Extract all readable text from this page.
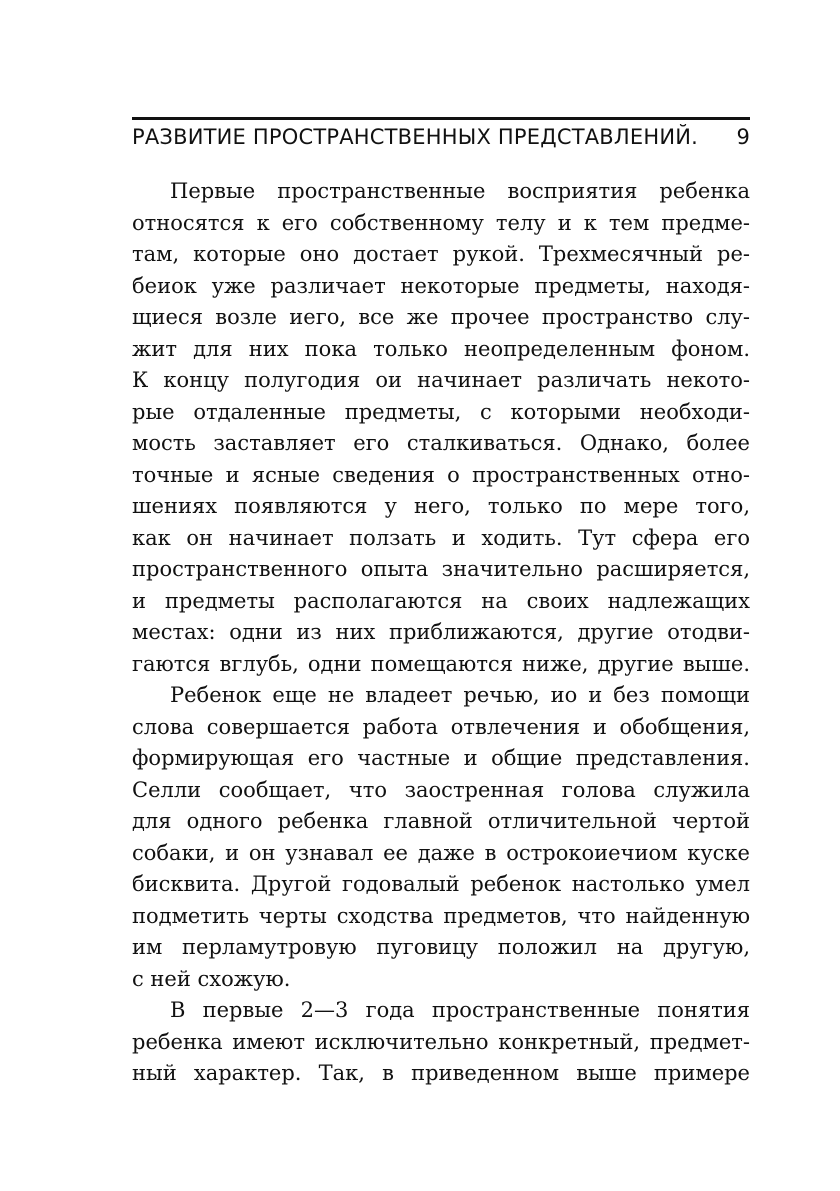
РАЗВИТИЕ ПРОСТРАНСТВЕННЫХ ПРЕДСТАВЛЕНИЙ. 9
Первые пространственные восприятия ребенка
относятся к его собственному телу и к тем предме-
там, которые оно достает рукой. Трехмесячный ре-
беиок уже различает некоторые предметы, находя-
щиеся возле иего, все же прочее пространство слу-
жит для них пока только неопределенным фоном.
К концу полугодия ои начинает различать некото-
рые отдаленные предметы, с которыми необходи-
мость заставляет его сталкиваться. Однако, более
точные и ясные сведения о пространственных отно-
шениях появляются у него, только по мере того,
как он начинает ползать и ходить. Тут сфера его
пространственного опыта значительно расширяется,
и предметы располагаются на своих надлежащих
местах: одни из них приближаются, другие отодви-
гаются вглубь, одни помещаются ниже, другие выше.
Ребенок еще не владеет речью, ио и без помощи
слова совершается работа отвлечения и обобщения,
формирующая его частные и общие представления.
Селли сообщает, что заостренная голова служила
для одного ребенка главной отличительной чертой
собаки, и он узнавал ее даже в острокоиечиом куске
бисквита. Другой годовалый ребенок настолько умел
подметить черты сходства предметов, что найденную
им перламутровую пуговицу положил на другую,
с ней схожую.
В первые 2—3 года пространственные понятия
ребенка имеют исключительно конкретный, предмет-
ный характер. Так, в приведенном выше примере
